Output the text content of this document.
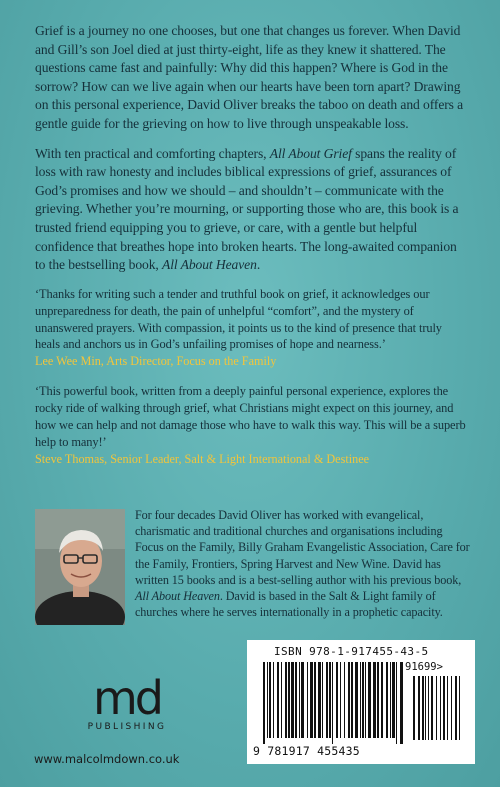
Grief is a journey no one chooses, but one that changes us forever. When David and Gill’s son Joel died at just thirty-eight, life as they knew it shattered. The questions came fast and painfully: Why did this happen? Where is God in the sorrow? How can we live again when our hearts have been torn apart? Drawing on this personal experience, David Oliver breaks the taboo on death and offers a gentle guide for the grieving on how to live through unspeakable loss.

With ten practical and comforting chapters, All About Grief spans the reality of loss with raw honesty and includes biblical expressions of grief, assurances of God’s promises and how we should – and shouldn’t – communicate with the grieving. Whether you’re mourning, or supporting those who are, this book is a trusted friend equipping you to grieve, or care, with a gentle but helpful confidence that breathes hope into broken hearts. The long-awaited companion to the bestselling book, All About Heaven.

‘Thanks for writing such a tender and truthful book on grief, it acknowledges our unpreparedness for death, the pain of unhelpful “comfort”, and the mystery of unanswered prayers. With compassion, it points us to the kind of presence that truly heals and anchors us in God’s unfailing promises of hope and nearness.’

Lee Wee Min, Arts Director, Focus on the Family

‘This powerful book, written from a deeply painful personal experience, explores the rocky ride of walking through grief, what Christians might expect on this journey, and how we can help and not damage those who have to walk this way. This will be a superb help to many!’

Steve Thomas, Senior Leader, Salt & Light International & Destinee

For four decades David Oliver has worked with evangelical, charismatic and traditional churches and organisations including Focus on the Family, Billy Graham Evangelistic Association, Care for the Family, Frontiers, Spring Harvest and New Wine. David has written 15 books and is a best-selling author with his previous book, All About Heaven. David is based in the Salt & Light family of churches where he serves internationally in a prophetic capacity.

md
PUBLISHING
www.malcolmdown.co.uk
ISBN 978-1-917455-43-5
91699>
9 781917 455435
